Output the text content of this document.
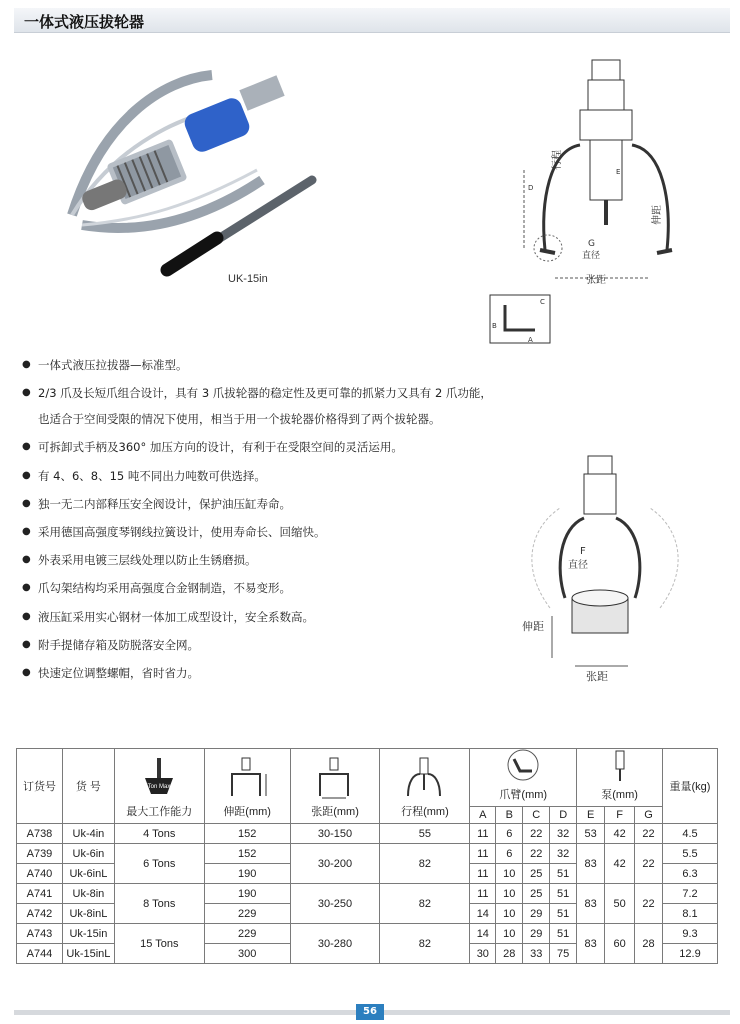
一体式液压拔轮器
UK-15in
行程
G
直径
伸距
张距
D
E
B
C
A
F
直径
伸距
张距
● 一体式液压拉拔器—标准型。
● 2/3 爪及长短爪组合设计，具有 3 爪拔轮器的稳定性及更可靠的抓紧力又具有 2 爪功能，
也适合于空间受限的情况下使用，相当于用一个拔轮器价格得到了两个拔轮器。
● 可拆卸式手柄及360° 加压方向的设计，有利于在受限空间的灵活运用。
● 有 4、6、8、15 吨不同出力吨数可供选择。
● 独一无二内部释压安全阀设计，保护油压缸寿命。
● 采用德国高强度琴钢线拉簧设计，使用寿命长、回缩快。
● 外表采用电镀三层线处理以防止生锈磨损。
● 爪勾架结构均采用高强度合金钢制造，不易变形。
● 液压缸采用实心钢材一体加工成型设计，安全系数高。
● 附手提储存箱及防脱落安全网。
● 快速定位调整螺帽，省时省力。
订货号	货 号	Ton Max
最大工作能力	伸距(mm)	张距(mm)	行程(mm)	爪臂(mm)				泵(mm)			重量(kg)
						A	B	C	D	E	F	G	
A738	Uk-4in	4 Tons	152	30-150	55	11	6	22	32	53	42	22	4.5
A739	Uk-6in	6 Tons	152	30-200	82	11	6	22	32	83	42	22	5.5
A740	Uk-6inL		190			11	10	25	51				6.3
A741	Uk-8in	8 Tons	190	30-250	82	11	10	25	51	83	50	22	7.2
A742	Uk-8inL		229			14	10	29	51				8.1
A743	Uk-15in	15 Tons	229	30-280	82	14	10	29	51	83	60	28	9.3
A744	Uk-15inL		300			30	28	33	75				12.9
56
